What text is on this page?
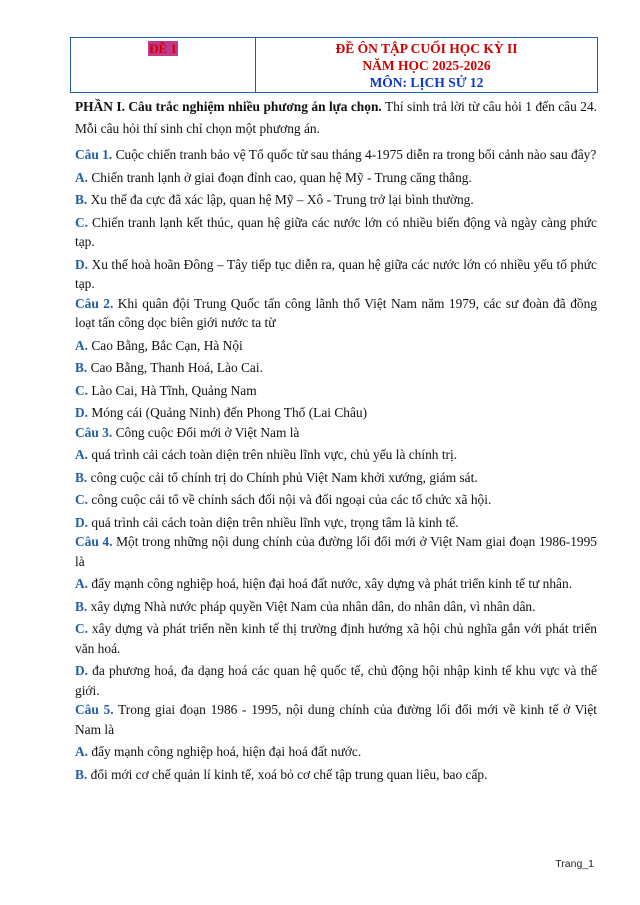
ĐỀ 1	ĐỀ ÔN TẬP CUỐI HỌC KỲ II
NĂM HỌC 2025-2026
MÔN: LỊCH SỬ 12

PHẦN I. Câu trắc nghiệm nhiều phương án lựa chọn. Thí sinh trả lời từ câu hỏi 1 đến câu 24. Mỗi câu hỏi thí sinh chỉ chọn một phương án.

Câu 1. Cuộc chiến tranh bảo vệ Tổ quốc từ sau tháng 4-1975 diễn ra trong bối cảnh nào sau đây?

A. Chiến tranh lạnh ở giai đoạn đỉnh cao, quan hệ Mỹ - Trung căng thẳng.

B. Xu thế đa cực đã xác lập, quan hệ Mỹ – Xô - Trung trở lại bình thường.

C. Chiến tranh lạnh kết thúc, quan hệ giữa các nước lớn có nhiều biến động và ngày càng phức tạp.

D. Xu thế hoà hoãn Đông – Tây tiếp tục diễn ra, quan hệ giữa các nước lớn có nhiều yếu tố phức tạp.

Câu 2. Khi quân đội Trung Quốc tấn công lãnh thổ Việt Nam năm 1979, các sư đoàn đã đồng loạt tấn công dọc biên giới nước ta từ

A. Cao Bằng, Bắc Cạn, Hà Nội

B. Cao Bằng, Thanh Hoá, Lào Cai.

C. Lào Cai, Hà Tĩnh, Quảng Nam

D. Móng cái (Quảng Ninh) đến Phong Thổ (Lai Châu)

Câu 3. Công cuộc Đổi mới ở Việt Nam là

A. quá trình cải cách toàn diện trên nhiều lĩnh vực, chủ yếu là chính trị.

B. công cuộc cải tổ chính trị do Chính phủ Việt Nam khởi xướng, giám sát.

C. công cuộc cải tổ về chính sách đối nội và đối ngoại của các tổ chức xã hội.

D. quá trình cải cách toàn diện trên nhiều lĩnh vực, trọng tâm là kinh tế.

Câu 4. Một trong những nội dung chính của đường lối đổi mới ở Việt Nam giai đoạn 1986-1995 là

A. đẩy mạnh công nghiệp hoá, hiện đại hoá đất nước, xây dựng và phát triển kinh tế tư nhân.

B. xây dựng Nhà nước pháp quyền Việt Nam của nhân dân, do nhân dân, vì nhân dân.

C. xây dựng và phát triển nền kinh tế thị trường định hướng xã hội chủ nghĩa gắn với phát triển văn hoá.

D. đa phương hoá, đa dạng hoá các quan hệ quốc tế, chủ động hội nhập kinh tế khu vực và thế giới.

Câu 5. Trong giai đoạn 1986 - 1995, nội dung chính của đường lối đổi mới về kinh tế ở Việt Nam là

A. đẩy mạnh công nghiệp hoá, hiện đại hoá đất nước.

B. đổi mới cơ chế quản lí kinh tế, xoá bỏ cơ chế tập trung quan liêu, bao cấp.

Trang_1
